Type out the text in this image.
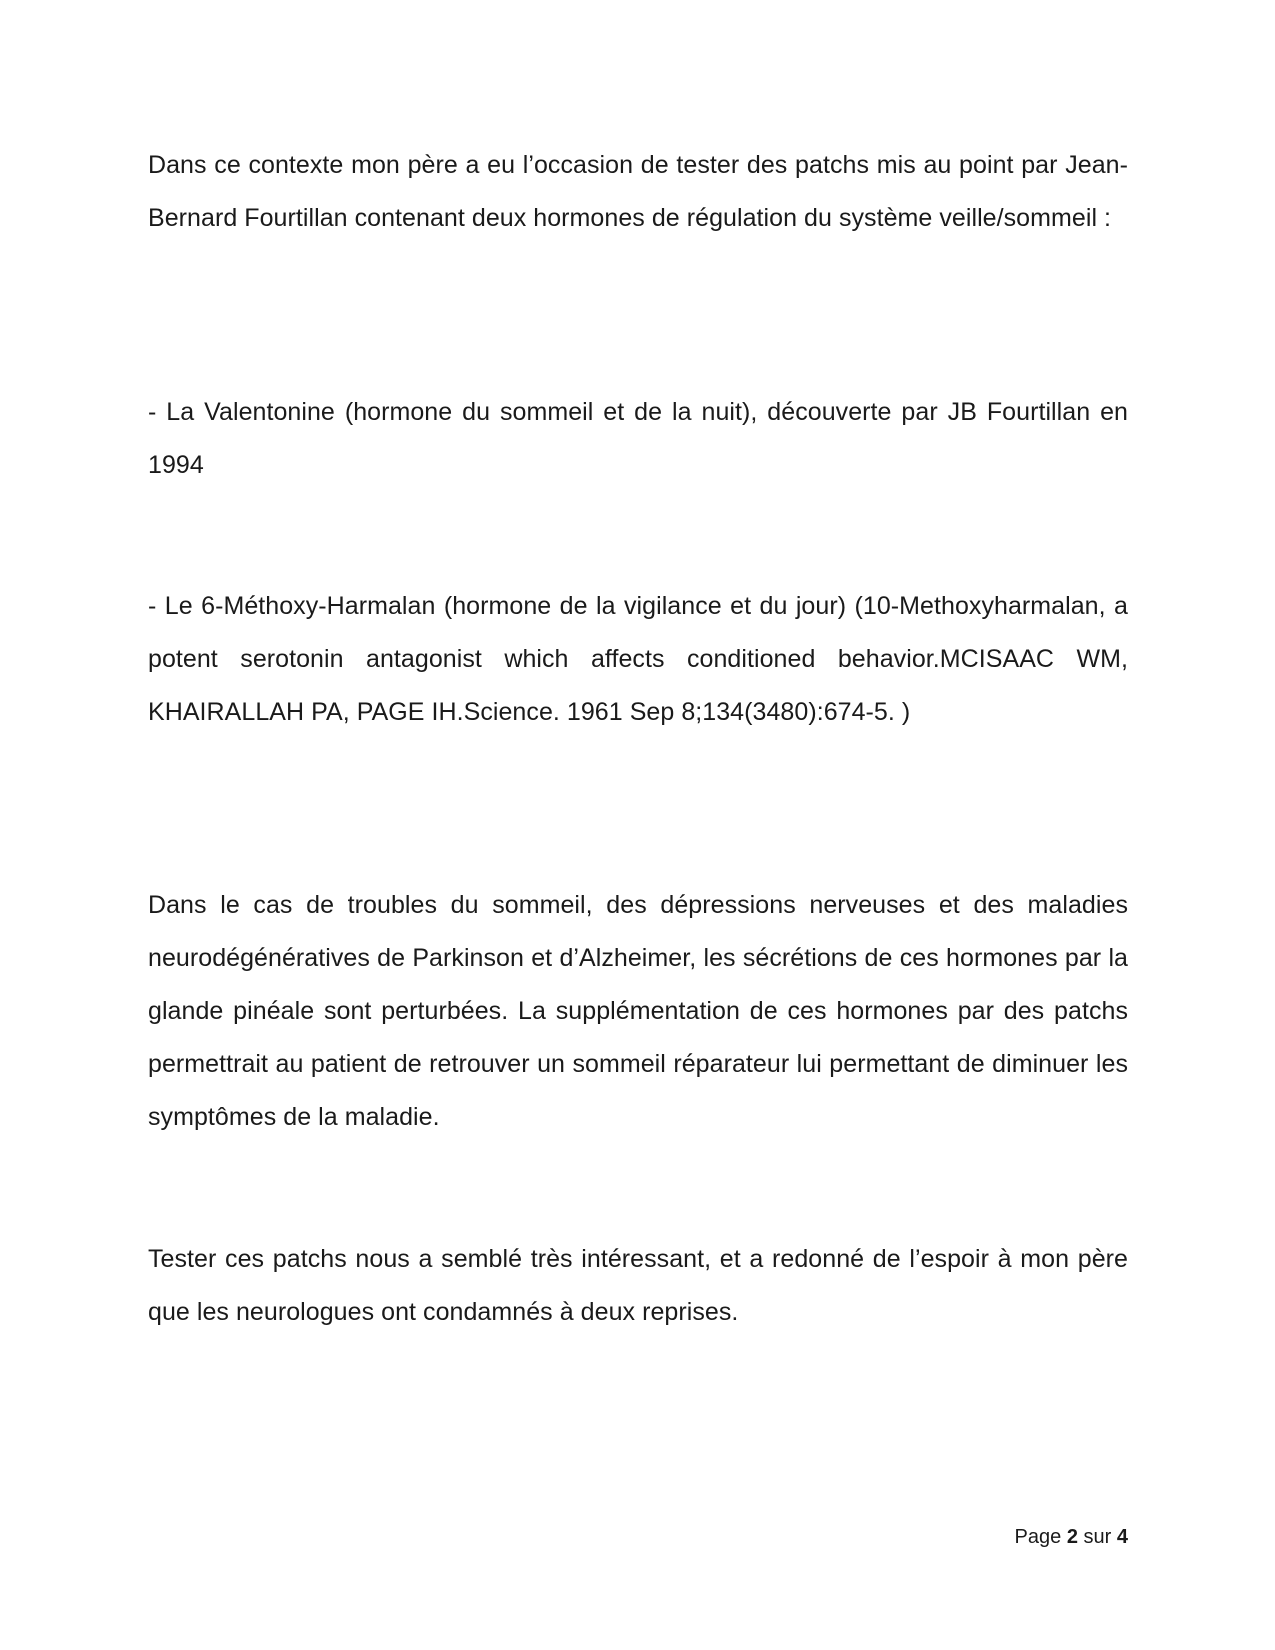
Dans ce contexte mon père a eu l’occasion de tester des patchs mis au point par Jean-Bernard Fourtillan contenant deux hormones de régulation du système veille/sommeil :

- La Valentonine (hormone du sommeil et de la nuit), découverte par JB Fourtillan en 1994

- Le 6-Méthoxy-Harmalan (hormone de la vigilance et du jour) (10-Methoxyharmalan, a potent serotonin antagonist which affects conditioned behavior.MCISAAC WM, KHAIRALLAH PA, PAGE IH.Science. 1961 Sep 8;134(3480):674-5. )

Dans le cas de troubles du sommeil, des dépressions nerveuses et des maladies neurodégénératives de Parkinson et d’Alzheimer, les sécrétions de ces hormones par la glande pinéale sont perturbées. La supplémentation de ces hormones par des patchs permettrait au patient de retrouver un sommeil réparateur lui permettant de diminuer les symptômes de la maladie.

Tester ces patchs nous a semblé très intéressant, et a redonné de l’espoir à mon père que les neurologues ont condamnés à deux reprises.

Page 2 sur 4
